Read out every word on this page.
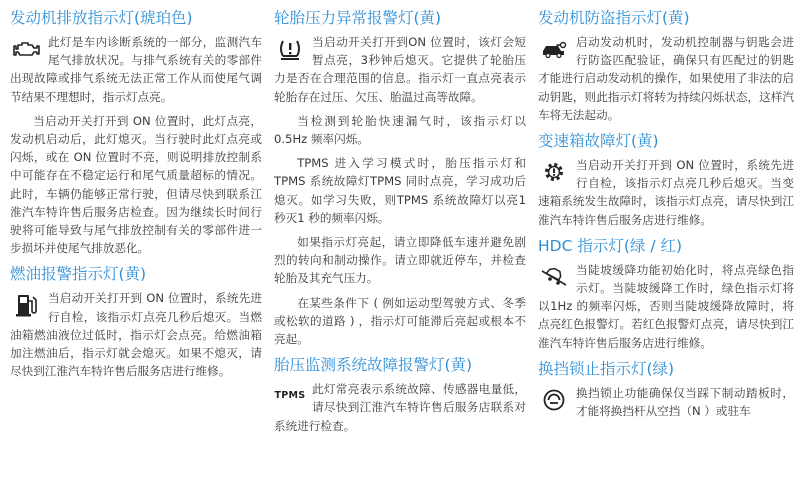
发动机排放指示灯(琥珀色)
此灯是车内诊断系统的一部分，监测汽车尾气排放状况。与排气系统有关的零部件出现故障或排气系统无法正常工作从而使尾气调节结果不理想时，指示灯点亮。
当启动开关打开到 ON 位置时，此灯点亮，发动机启动后，此灯熄灭。当行驶时此灯点亮或闪烁，或在 ON 位置时不亮，则说明排放控制系中可能存在不稳定运行和尾气质量超标的情况。此时，车辆仍能够正常行驶，但请尽快到联系江淮汽车特许售后服务店检查。因为继续长时间行驶将可能导致与尾气排放控制有关的零部件进一步损坏并使尾气排放恶化。
燃油报警指示灯(黄)
当启动开关打开到 ON 位置时，系统先进行自检，该指示灯点亮几秒后熄灭。当燃油箱燃油液位过低时，指示灯会点亮。给燃油箱加注燃油后，指示灯就会熄灭。如果不熄灭，请尽快到江淮汽车特许售后服务店进行维修。
轮胎压力异常报警灯(黄)
当启动开关打开到ON 位置时，该灯会短暂点亮，3秒钟后熄灭。它提供了轮胎压力是否在合理范围的信息。指示灯一直点亮表示轮胎存在过压、欠压、胎温过高等故障。
当检测到轮胎快速漏气时，该指示灯以 0.5Hz 频率闪烁。
TPMS 进入学习模式时，胎压指示灯和TPMS 系统故障灯TPMS 同时点亮，学习成功后熄灭。如学习失败，则TPMS 系统故障灯以亮1 秒灭1 秒的频率闪烁。
如果指示灯亮起，请立即降低车速并避免剧烈的转向和制动操作。请立即就近停车，并检查轮胎及其充气压力。
在某些条件下 ( 例如运动型驾驶方式、冬季或松软的道路 ) ，指示灯可能滞后亮起或根本不亮起。
胎压监测系统故障报警灯(黄)
TPMS 此灯常亮表示系统故障、传感器电量低，请尽快到江淮汽车特许售后服务店联系对系统进行检查。
发动机防盗指示灯(黄)
启动发动机时，发动机控制器与钥匙会进行防盗匹配验证，确保只有匹配过的钥匙才能进行启动发动机的操作，如果使用了非法的启动钥匙，则此指示灯将转为持续闪烁状态，这样汽车将无法起动。
变速箱故障灯(黄)
当启动开关打开到 ON 位置时，系统先进行自检，该指示灯点亮几秒后熄灭。当变速箱系统发生故障时，该指示灯点亮，请尽快到江淮汽车特许售后服务店进行维修。
HDC 指示灯(绿 / 红)
当陡坡缓降功能初始化时，将点亮绿色指示灯。当陡坡缓降工作时，绿色指示灯将以1Hz 的频率闪烁，否则当陡坡缓降故障时，将点亮红色报警灯。若红色报警灯点亮，请尽快到江淮汽车特许售后服务店进行维修。
换挡锁止指示灯(绿)
换挡锁止功能确保仅当踩下制动踏板时，才能将换挡杆从空挡（N ）或驻车
